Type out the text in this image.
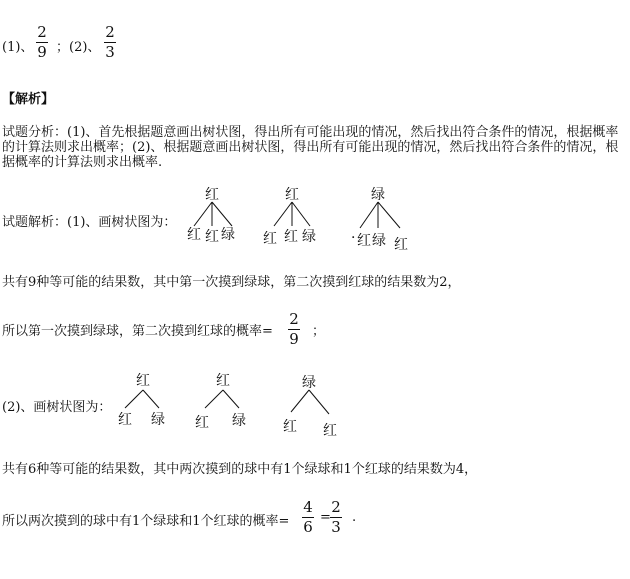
(1)、
2
9 ；(2)、
2
3
【解析】
试题分析：(1)、首先根据题意画出树状图，得出所有可能出现的情况，然后找出符合条件的情况，根据概率的计算法则求出概率；(2)、根据题意画出树状图，得出所有可能出现的情况，然后找出符合条件的情况，根据概率的计算法则求出概率.
试题解析：(1)、画树状图为：
红
红 红 绿
红
红 红 绿
绿
· 红 绿 红
共有9种等可能的结果数，其中第一次摸到绿球，第二次摸到红球的结果数为2，
所以第一次摸到绿球，第二次摸到红球的概率=
2
9 ；
(2)、画树状图为：
红
红 绿
红
红 绿
绿
红 红
共有6种等可能的结果数，其中两次摸到的球中有1个绿球和1个红球的结果数为4，
所以两次摸到的球中有1个绿球和1个红球的概率=
4
6
=
2
3
.
